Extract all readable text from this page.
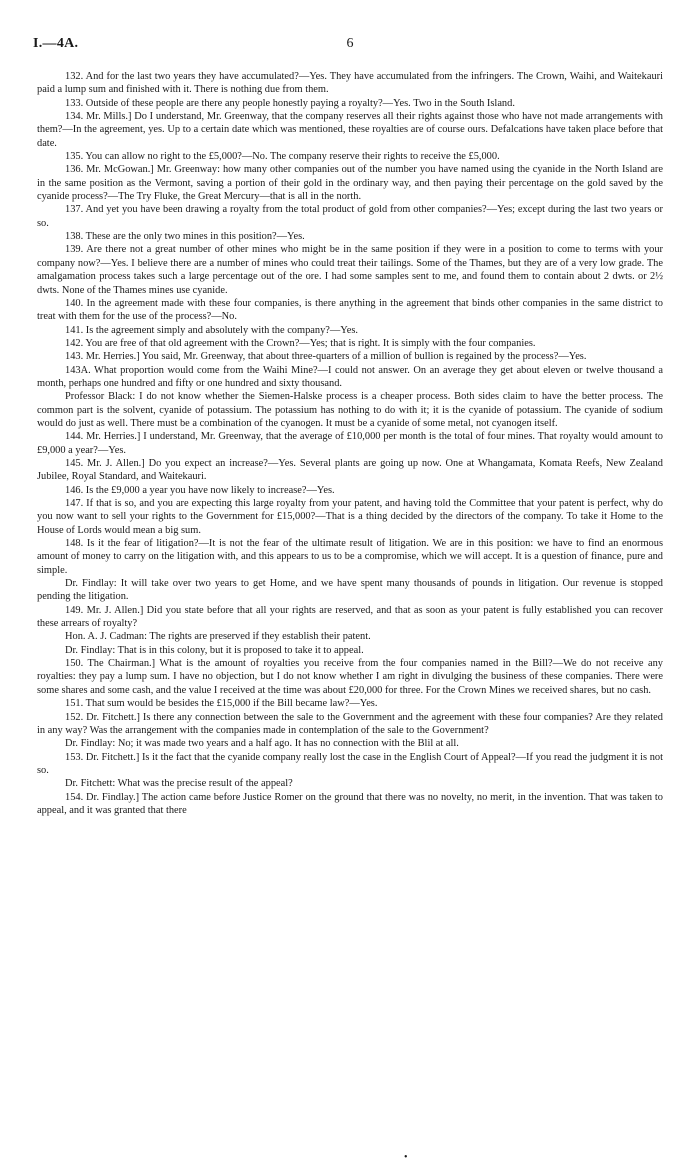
I.—4A.	6

132. And for the last two years they have accumulated?—Yes. They have accumulated from the infringers. The Crown, Waihi, and Waitekauri paid a lump sum and finished with it. There is nothing due from them.

133. Outside of these people are there any people honestly paying a royalty?—Yes. Two in the South Island.

134. Mr. Mills.] Do I understand, Mr. Greenway, that the company reserves all their rights against those who have not made arrangements with them?—In the agreement, yes. Up to a certain date which was mentioned, these royalties are of course ours. Defalcations have taken place before that date.

135. You can allow no right to the £5,000?—No. The company reserve their rights to receive the £5,000.

136. Mr. McGowan.] Mr. Greenway: how many other companies out of the number you have named using the cyanide in the North Island are in the same position as the Vermont, saving a portion of their gold in the ordinary way, and then paying their percentage on the gold saved by the cyanide process?—The Try Fluke, the Great Mercury—that is all in the north.

137. And yet you have been drawing a royalty from the total product of gold from other companies?—Yes; except during the last two years or so.

138. These are the only two mines in this position?—Yes.

139. Are there not a great number of other mines who might be in the same position if they were in a position to come to terms with your company now?—Yes. I believe there are a number of mines who could treat their tailings. Some of the Thames, but they are of a very low grade. The amalgamation process takes such a large percentage out of the ore. I had some samples sent to me, and found them to contain about 2 dwts. or 2½ dwts. None of the Thames mines use cyanide.

140. In the agreement made with these four companies, is there anything in the agreement that binds other companies in the same district to treat with them for the use of the process?—No.

141. Is the agreement simply and absolutely with the company?—Yes.

142. You are free of that old agreement with the Crown?—Yes; that is right. It is simply with the four companies.

143. Mr. Herries.] You said, Mr. Greenway, that about three-quarters of a million of bullion is regained by the process?—Yes.

143A. What proportion would come from the Waihi Mine?—I could not answer. On an average they get about eleven or twelve thousand a month, perhaps one hundred and fifty or one hundred and sixty thousand.

Professor Black: I do not know whether the Siemen-Halske process is a cheaper process. Both sides claim to have the better process. The common part is the solvent, cyanide of potassium. The potassium has nothing to do with it; it is the cyanide of potassium. The cyanide of sodium would do just as well. There must be a combination of the cyanogen. It must be a cyanide of some metal, not cyanogen itself.

144. Mr. Herries.] I understand, Mr. Greenway, that the average of £10,000 per month is the total of four mines. That royalty would amount to £9,000 a year?—Yes.

145. Mr. J. Allen.] Do you expect an increase?—Yes. Several plants are going up now. One at Whangamata, Komata Reefs, New Zealand Jubilee, Royal Standard, and Waitekauri.

146. Is the £9,000 a year you have now likely to increase?—Yes.

147. If that is so, and you are expecting this large royalty from your patent, and having told the Committee that your patent is perfect, why do you now want to sell your rights to the Government for £15,000?—That is a thing decided by the directors of the company. To take it Home to the House of Lords would mean a big sum.

148. Is it the fear of litigation?—It is not the fear of the ultimate result of litigation. We are in this position: we have to find an enormous amount of money to carry on the litigation with, and this appears to us to be a compromise, which we will accept. It is a question of finance, pure and simple.

Dr. Findlay: It will take over two years to get Home, and we have spent many thousands of pounds in litigation. Our revenue is stopped pending the litigation.

149. Mr. J. Allen.] Did you state before that all your rights are reserved, and that as soon as your patent is fully established you can recover these arrears of royalty?

Hon. A. J. Cadman: The rights are preserved if they establish their patent.

Dr. Findlay: That is in this colony, but it is proposed to take it to appeal.

150. The Chairman.] What is the amount of royalties you receive from the four companies named in the Bill?—We do not receive any royalties: they pay a lump sum. I have no objection, but I do not know whether I am right in divulging the business of these companies. There were some shares and some cash, and the value I received at the time was about £20,000 for three. For the Crown Mines we received shares, but no cash.

151. That sum would be besides the £15,000 if the Bill became law?—Yes.

152. Dr. Fitchett.] Is there any connection between the sale to the Government and the agreement with these four companies? Are they related in any way? Was the arrangement with the companies made in contemplation of the sale to the Government?

Dr. Findlay: No; it was made two years and a half ago. It has no connection with the Blil at all.

153. Dr. Fitchett.] Is it the fact that the cyanide company really lost the case in the English Court of Appeal?—If you read the judgment it is not so.

Dr. Fitchett: What was the precise result of the appeal?

154. Dr. Findlay.] The action came before Justice Romer on the ground that there was no novelty, no merit, in the invention. That was taken to appeal, and it was granted that there

•
